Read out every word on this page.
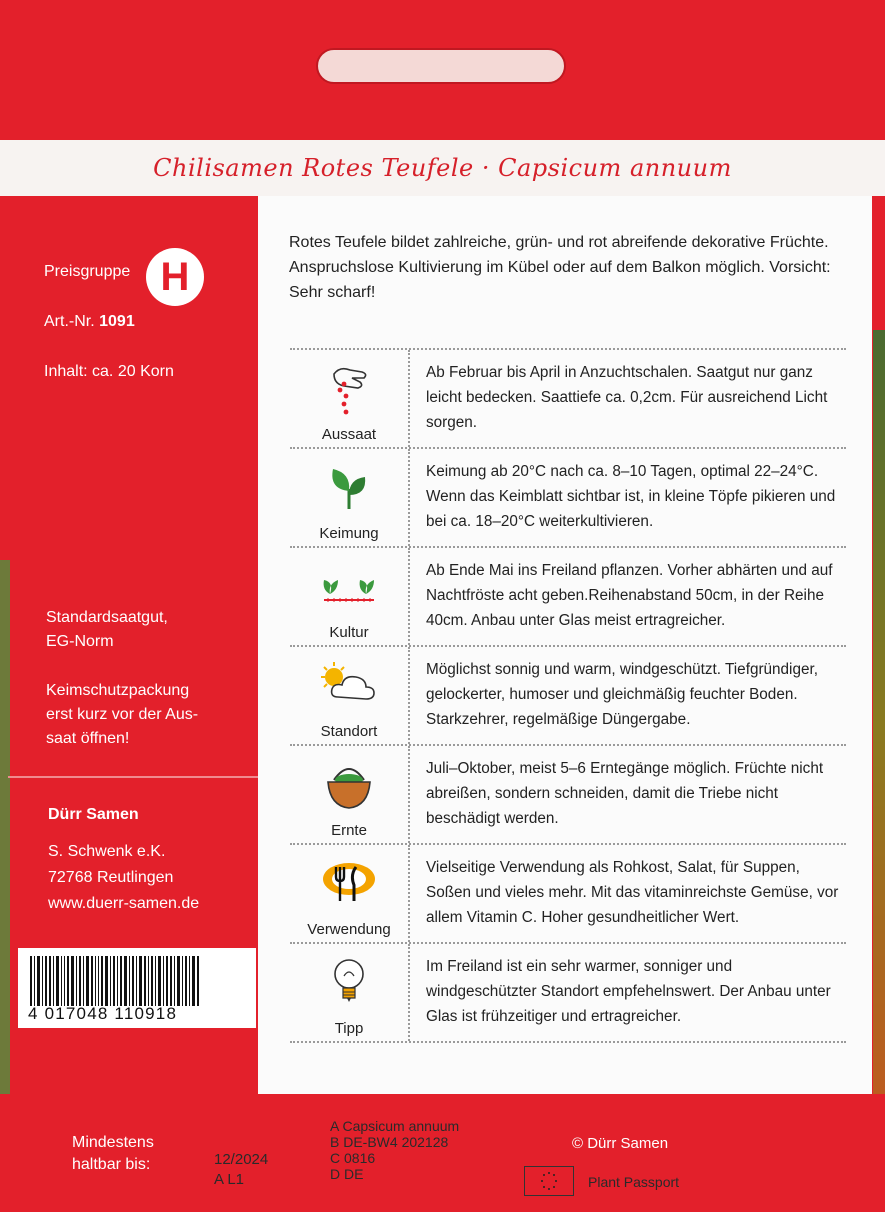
Chilisamen Rotes Teufele · Capsicum annuum
Preisgruppe H
Art.-Nr. 1091
Inhalt: ca. 20 Korn
Standardsaatgut,
EG-Norm
Keimschutzpackung
erst kurz vor der Aus-
saat öffnen!
Dürr Samen
S. Schwenk e.K.
72768 Reutlingen
www.duerr-samen.de
4 017048 110918
Rotes Teufele bildet zahlreiche, grün- und rot abreifende dekorative Früchte. Anspruchslose Kultivierung im Kübel oder auf dem Balkon möglich. Vorsicht: Sehr scharf!
Aussaat
Ab Februar bis April in Anzuchtschalen. Saatgut nur ganz leicht bedecken. Saattiefe ca. 0,2cm. Für ausreichend Licht sorgen.
Keimung
Keimung ab 20°C nach ca. 8–10 Tagen, optimal 22–24°C. Wenn das Keimblatt sichtbar ist, in kleine Töpfe pikieren und bei ca. 18–20°C weiterkultivieren.
Kultur
Ab Ende Mai ins Freiland pflanzen. Vorher abhärten und auf Nachtfröste acht geben.Reihenabstand 50cm, in der Reihe 40cm. Anbau unter Glas meist ertragreicher.
Standort
Möglichst sonnig und warm, windgeschützt. Tiefgründiger, gelockerter, humoser und gleichmäßig feuchter Boden. Starkzehrer, regelmäßige Düngergabe.
Ernte
Juli–Oktober, meist 5–6 Erntegänge möglich. Früchte nicht abreißen, sondern schneiden, damit die Triebe nicht beschädigt werden.
Verwendung
Vielseitige Verwendung als Rohkost, Salat, für Suppen, Soßen und vieles mehr. Mit das vitaminreichste Gemüse, vor allem Vitamin C. Hoher gesundheitlicher Wert.
Tipp
Im Freiland ist ein sehr warmer, sonniger und windgeschützter Standort empfehelnswert. Der Anbau unter Glas ist frühzeitiger und ertragreicher.
Mindestens
haltbar bis:	12/2024
A L1
A Capsicum annuum
B DE-BW4 202128
C 0816
D DE
© Dürr Samen
Plant Passport
